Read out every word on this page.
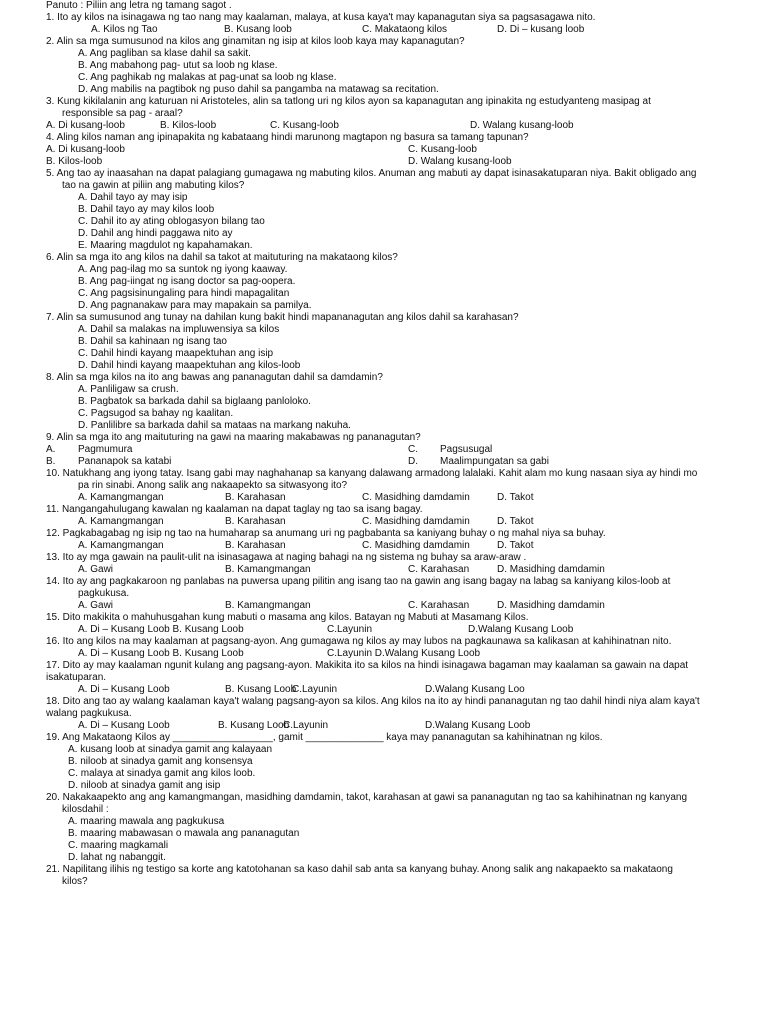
Panuto : Piliin ang letra ng tamang sagot .
1. Ito ay kilos na isinagawa ng tao nang may kaalaman, malaya, at kusa kaya't may kapanagutan siya sa pagsasagawa nito.
A. Kilos ng Tao	B. Kusang loob	C. Makataong kilos	D. Di – kusang loob
2. Alin sa mga sumusunod na kilos ang ginamitan ng isip at kilos loob kaya may kapanagutan?
A. Ang pagliban sa klase dahil sa sakit.
B. Ang mabahong pag- utut sa loob ng klase.
C. Ang paghikab ng malakas at pag-unat sa loob ng klase.
D. Ang mabilis na pagtibok ng puso dahil sa pangamba na matawag sa recitation.
3. Kung kikilalanin ang katuruan ni Aristoteles, alin sa tatlong uri ng kilos ayon sa kapanagutan ang ipinakita ng estudyanteng masipag at
responsible sa pag - araal?
A. Di kusang-loob	B. Kilos-loob	C. Kusang-loob	D. Walang kusang-loob
4. Aling kilos naman ang ipinapakita ng kabataang hindi marunong magtapon ng basura sa tamang tapunan?
A. Di kusang-loob	C. Kusang-loob
B. Kilos-loob	D. Walang kusang-loob
5. Ang tao ay inaasahan na dapat palagiang gumagawa ng mabuting kilos. Anuman ang mabuti ay dapat isinasakatuparan niya. Bakit obligado ang
tao na gawin at piliin ang mabuting kilos?
A. Dahil tayo ay may isip
B. Dahil tayo ay may kilos loob
C. Dahil ito ay ating oblogasyon bilang tao
D. Dahil ang hindi paggawa nito ay
E. Maaring magdulot ng kapahamakan.
6. Alin sa mga ito ang kilos na dahil sa takot at maituturing na makataong kilos?
A. Ang pag-ilag mo sa suntok ng iyong kaaway.
B. Ang pag-iingat ng isang doctor sa pag-oopera.
C. Ang pagsisinungaling para hindi mapagalitan
D. Ang pagnanakaw para may mapakain sa pamilya.
7. Alin sa sumusunod ang tunay na dahilan kung bakit hindi mapananagutan ang kilos dahil sa karahasan?
A. Dahil sa malakas na impluwensiya sa kilos
B. Dahil sa kahinaan ng isang tao
C. Dahil hindi kayang maapektuhan ang isip
D. Dahil hindi kayang maapektuhan ang kilos-loob
8. Alin sa mga kilos na ito ang bawas ang pananagutan dahil sa damdamin?
A. Panliligaw sa crush.
B. Pagbatok sa barkada dahil sa biglaang panloloko.
C. Pagsugod sa bahay ng kaalitan.
D. Panlilibre sa barkada dahil sa mataas na markang nakuha.
9. Alin sa mga ito ang maituturing na gawi na maaring makabawas ng pananagutan?
A. Pagmumura	C. Pagsusugal
B. Pananapok sa katabi	D. Maalimpungatan sa gabi
10. Natukhang ang iyong tatay. Isang gabi may naghahanap sa kanyang dalawang armadong lalalaki. Kahit alam mo kung nasaan siya ay hindi mo
pa rin sinabi. Anong salik ang nakaapekto sa sitwasyong ito?
A. Kamangmangan	B. Karahasan	C. Masidhing damdamin	D. Takot
11. Nangangahulugang kawalan ng kaalaman na dapat taglay ng tao sa isang bagay.
A. Kamangmangan	B. Karahasan	C. Masidhing damdamin	D. Takot
12. Pagkabagabag ng isip ng tao na humaharap sa anumang uri ng pagbabanta sa kaniyang buhay o ng mahal niya sa buhay.
A. Kamangmangan	B. Karahasan	C. Masidhing damdamin	D. Takot
13. Ito ay mga gawain na paulit-ulit na isinasagawa at naging bahagi na ng sistema ng buhay sa araw-araw .
A. Gawi	B. Kamangmangan	C. Karahasan	D. Masidhing damdamin
14. Ito ay ang pagkakaroon ng panlabas na puwersa upang pilitin ang isang tao na gawin ang isang bagay na labag sa kaniyang kilos-loob at
pagkukusa.
A. Gawi	B. Kamangmangan	C. Karahasan	D. Masidhing damdamin
15. Dito makikita o mahuhusgahan kung mabuti o masama ang kilos. Batayan ng Mabuti at Masamang Kilos.
A. Di – Kusang Loob B. Kusang Loob	C.Layunin	D.Walang Kusang Loob
16. Ito ang kilos na may kaalaman at pagsang-ayon. Ang gumagawa ng kilos ay may lubos na pagkaunawa sa kalikasan at kahihinatnan nito.
A. Di – Kusang Loob B. Kusang Loob	C.Layunin D.Walang Kusang Loob
17. Dito ay may kaalaman ngunit kulang ang pagsang-ayon. Makikita ito sa kilos na hindi isinagawa bagaman may kaalaman sa gawain na dapat
isakatuparan.
A. Di – Kusang Loob	B. Kusang Loob
C.Layunin	D.Walang Kusang Loo
18. Dito ang tao ay walang kaalaman kaya't walang pagsang-ayon sa kilos. Ang kilos na ito ay hindi pananagutan ng tao dahil hindi niya alam kaya't
walang pagkukusa.
A. Di – Kusang Loob	B. Kusang Loob
C.Layunin	D.Walang Kusang Loob
19. Ang Makataong Kilos ay __________________, gamit ______________ kaya may pananagutan sa kahihinatnan ng kilos.
A. kusang loob at sinadya gamit ang kalayaan
B. niloob at sinadya gamit ang konsensya
C. malaya at sinadya gamit ang kilos loob.
D. niloob at sinadya gamit ang isip
20. Nakakaapekto ang ang kamangmangan, masidhing damdamin, takot, karahasan at gawi sa pananagutan ng tao sa kahihinatnan ng kanyang
kilosdahil :
A. maaring mawala ang pagkukusa
B. maaring mabawasan o mawala ang pananagutan
C. maaring magkamali
D. lahat ng nabanggit.
21. Napilitang ilihis ng testigo sa korte ang katotohanan sa kaso dahil sab anta sa kanyang buhay. Anong salik ang nakapaekto sa makataong
kilos?
